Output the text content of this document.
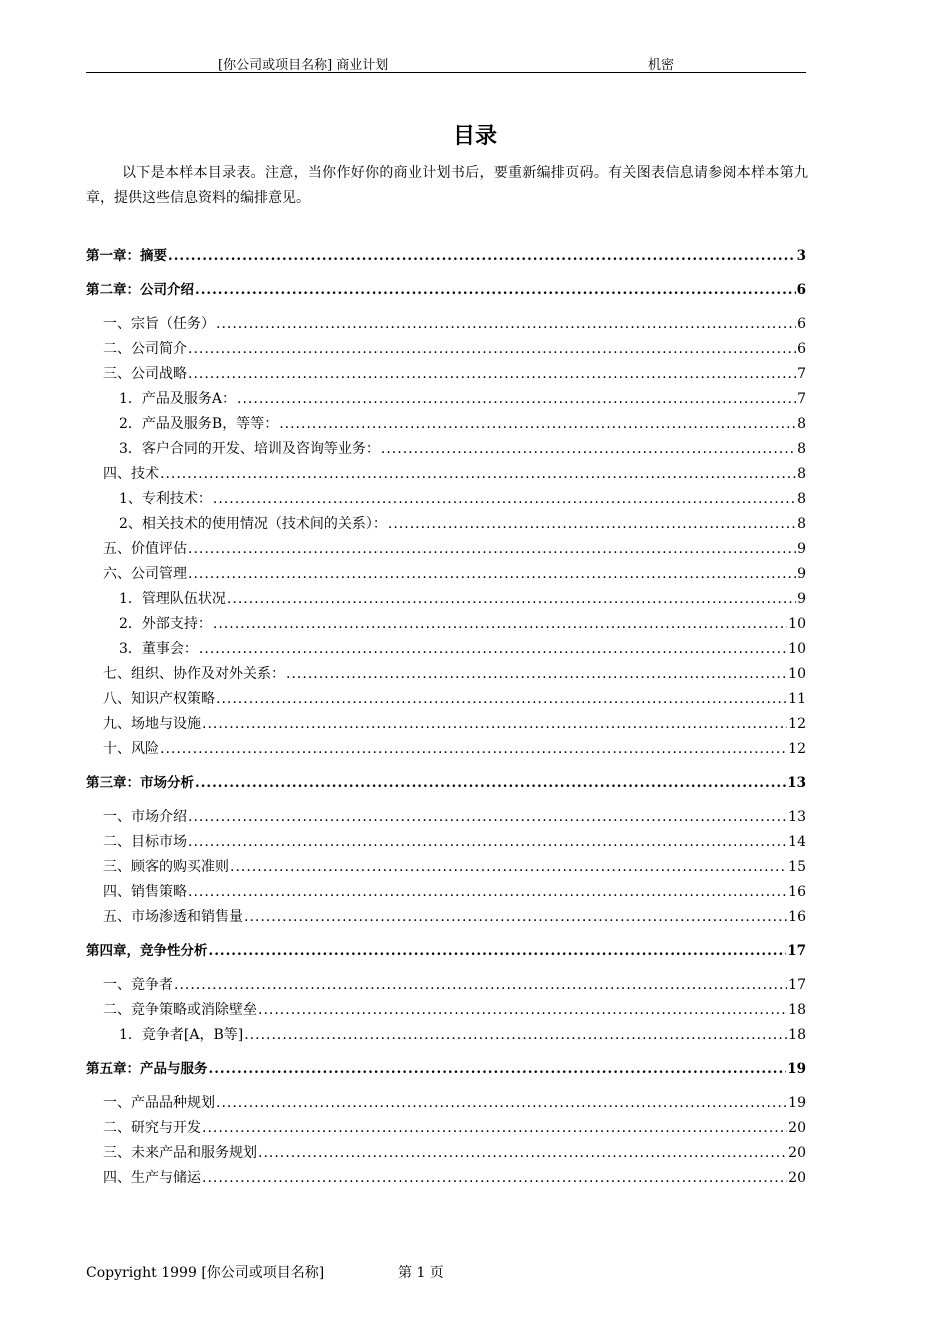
[你公司或项目名称] 商业计划	机密
目录
以下是本样本目录表。注意，当你作好你的商业计划书后，要重新编排页码。有关图表信息请参阅本样本第九章，提供这些信息资料的编排意见。
第一章：摘要 .....	3
第二章：公司介绍 .....	6
一、宗旨（任务） .....	6
二、公司简介 .....	6
三、公司战略 .....	7
1．产品及服务A： .....	7
2．产品及服务B，等等： .....	8
3．客户合同的开发、培训及咨询等业务： .....	8
四、技术 .....	8
1、专利技术： .....	8
2、相关技术的使用情况（技术间的关系）： .....	8
五、价值评估 .....	9
六、公司管理 .....	9
1．管理队伍状况 .....	9
2．外部支持： .....	10
3．董事会： .....	10
七、组织、协作及对外关系： .....	10
八、知识产权策略 .....	11
九、场地与设施 .....	12
十、风险 .....	12
第三章：市场分析 .....	13
一、市场介绍 .....	13
二、目标市场 .....	14
三、顾客的购买准则 .....	15
四、销售策略 .....	16
五、市场渗透和销售量 .....	16
第四章，竞争性分析 .....	17
一、竞争者 .....	17
二、竞争策略或消除壁垒 .....	18
1．竞争者[A，B等] .....	18
第五章：产品与服务 .....	19
一、产品品种规划 .....	19
二、研究与开发 .....	20
三、未来产品和服务规划 .....	20
四、生产与储运 .....	20
Copyright 1999 [你公司或项目名称]	第 1 页
